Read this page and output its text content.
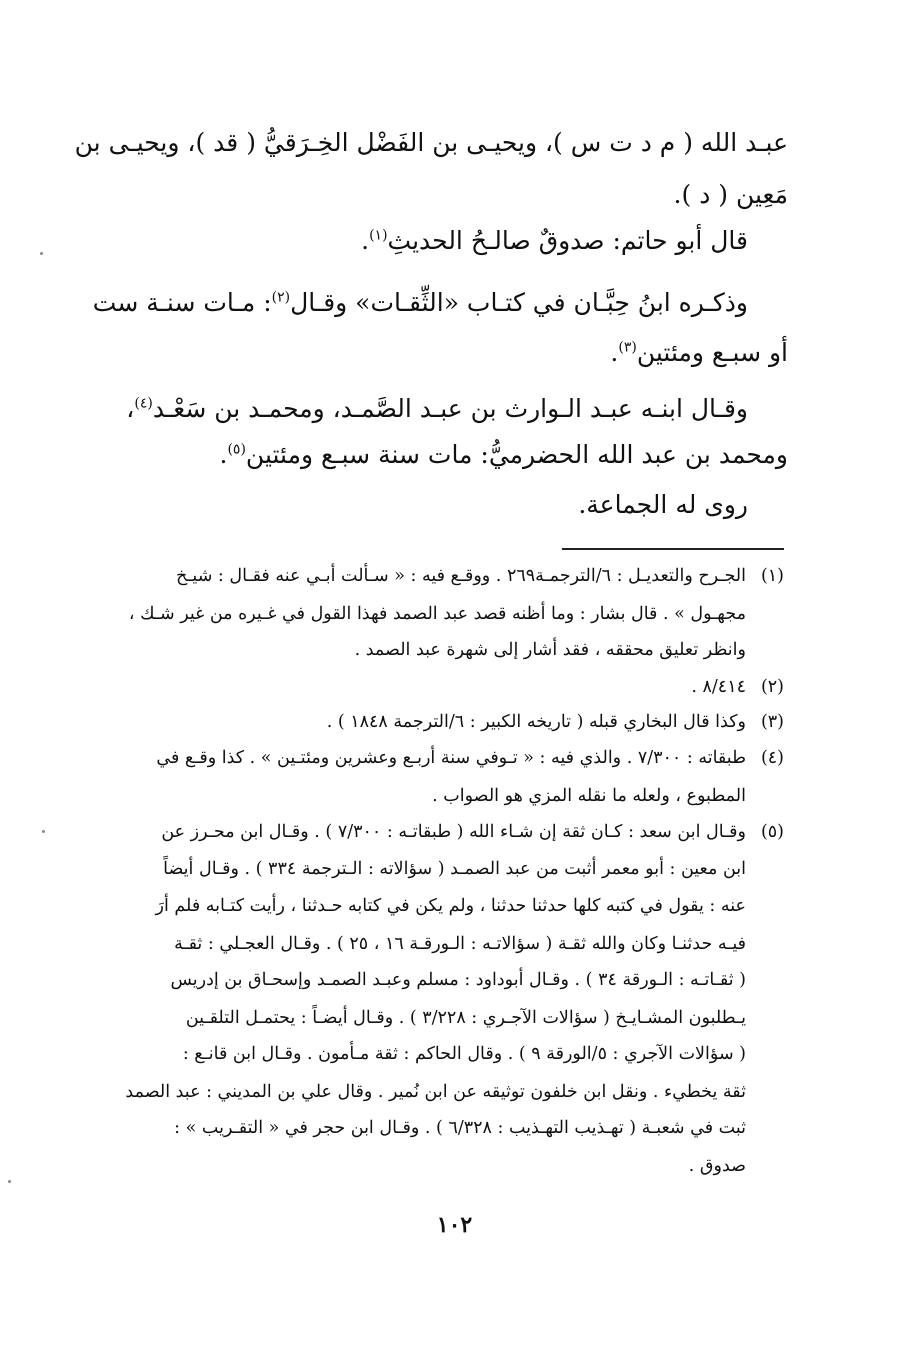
عبـد الله ( م د ت س )، ويحيـى بن الفَضْل الخِـرَقيُّ ( قد )، ويحيـى بن
مَعِين ( د ).
قال أبو حاتم: صدوقٌ صالـحُ الحديثِ$^{(١)}$.
وذكـره ابنُ حِبَّـان في كتـاب «الثِّقـات» وقـال$^{(٢)}$: مـات سنـة ست
أو سبـع ومئتين$^{(٣)}$.
وقـال ابنـه عبـد الـوارث بن عبـد الصَّمـد، ومحمـد بن سَعْـد$^{(٤)}$،
ومحمد بن عبد الله الحضرميُّ: مات سنة سبـع ومئتين$^{(٥)}$.
روى له الجماعة.
(١)
الجـرح والتعديـل : ٦/الترجمـة٢٦٩ . ووقـع فيه : « سـألت أبـي عنه فقـال : شيـخ
مجهـول » . قال بشار : وما أظنه قصد عبد الصمد فهذا القول في غـيره من غير شـك ،
وانظر تعليق محققه ، فقد أشار إلى شهرة عبد الصمد .
(٢)
٨/٤١٤ .
(٣)
وكذا قال البخاري قبله ( تاريخه الكبير : ٦/الترجمة ١٨٤٨ ) .
(٤)
طبقاته : ٧/٣٠٠ . والذي فيه : « تـوفي سنة أربـع وعشرين ومئتـين » . كذا وقـع في
المطبوع ، ولعله ما نقله المزي هو الصواب .
(٥)
وقـال ابن سعد : كـان ثقة إن شـاء الله ( طبقاتـه : ٧/٣٠٠ ) . وقـال ابن محـرز عن
ابن معين : أبو معمر أثبت من عبد الصمـد ( سؤالاته : الـترجمة ٣٣٤ ) . وقـال أيضاً
عنه : يقول في كتبه كلها حدثنا حدثنا ، ولم يكن في كتابه حـدثنا ، رأيت كتـابه فلم أرَ
فيـه حدثنـا وكان والله ثقـة ( سؤالاتـه : الـورقـة ١٦ ، ٢٥ ) . وقـال العجـلي : ثقـة
( ثقـاتـه : الـورقة ٣٤ ) . وقـال أبوداود : مسلم وعبـد الصمـد وإسحـاق بن إدريس
يـطلبون المشـايـخ ( سؤالات الآجـري : ٣/٢٢٨ ) . وقـال أيضـاً : يحتمـل التلقـين
( سؤالات الآجري : ٥/الورقة ٩ ) . وقال الحاكم : ثقة مـأمون . وقـال ابن قانـع :
ثقة يخطيء . ونقل ابن خلفون توثيقه عن ابن نُمير . وقال علي بن المديني : عبد الصمد
ثبت في شعبـة ( تهـذيب التهـذيب : ٦/٣٢٨ ) . وقـال ابن حجر في « التقـريب » :
صدوق .
١٠٢
